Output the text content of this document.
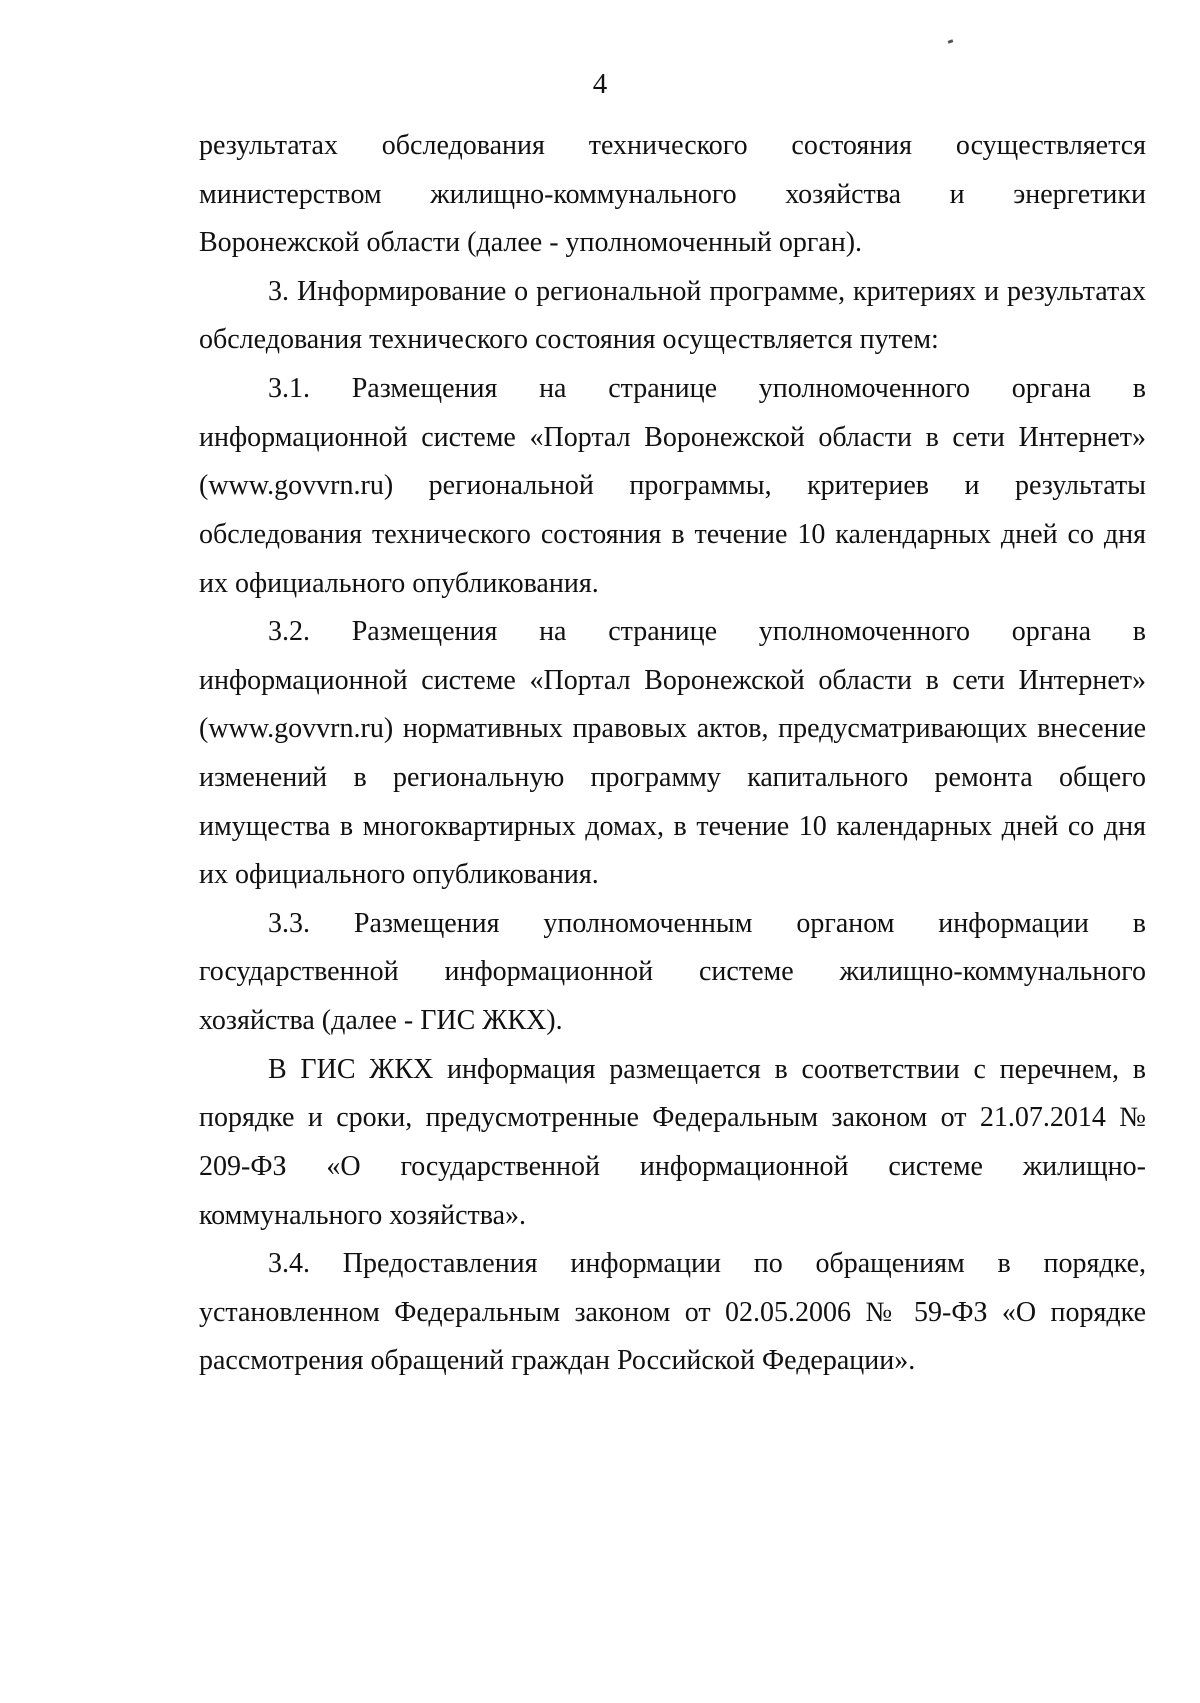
4

результатах обследования технического состояния осуществляется министерством жилищно-коммунального хозяйства и энергетики Воронежской области (далее - уполномоченный орган).

3. Информирование о региональной программе, критериях и результатах обследования технического состояния осуществляется путем:

3.1. Размещения на странице уполномоченного органа в информационной системе «Портал Воронежской области в сети Интернет» (www.govvrn.ru) региональной программы, критериев и результаты обследования технического состояния в течение 10 календарных дней со дня их официального опубликования.

3.2. Размещения на странице уполномоченного органа в информационной системе «Портал Воронежской области в сети Интернет» (www.govvrn.ru) нормативных правовых актов, предусматривающих внесение изменений в региональную программу капитального ремонта общего имущества в многоквартирных домах, в течение 10 календарных дней со дня их официального опубликования.

3.3. Размещения уполномоченным органом информации в государственной информационной системе жилищно-коммунального хозяйства (далее - ГИС ЖКХ).

В ГИС ЖКХ информация размещается в соответствии с перечнем, в порядке и сроки, предусмотренные Федеральным законом от 21.07.2014 № 209-ФЗ «О государственной информационной системе жилищно-коммунального хозяйства».

3.4. Предоставления информации по обращениям в порядке, установленном Федеральным законом от 02.05.2006 № 59-ФЗ «О порядке рассмотрения обращений граждан Российской Федерации».
